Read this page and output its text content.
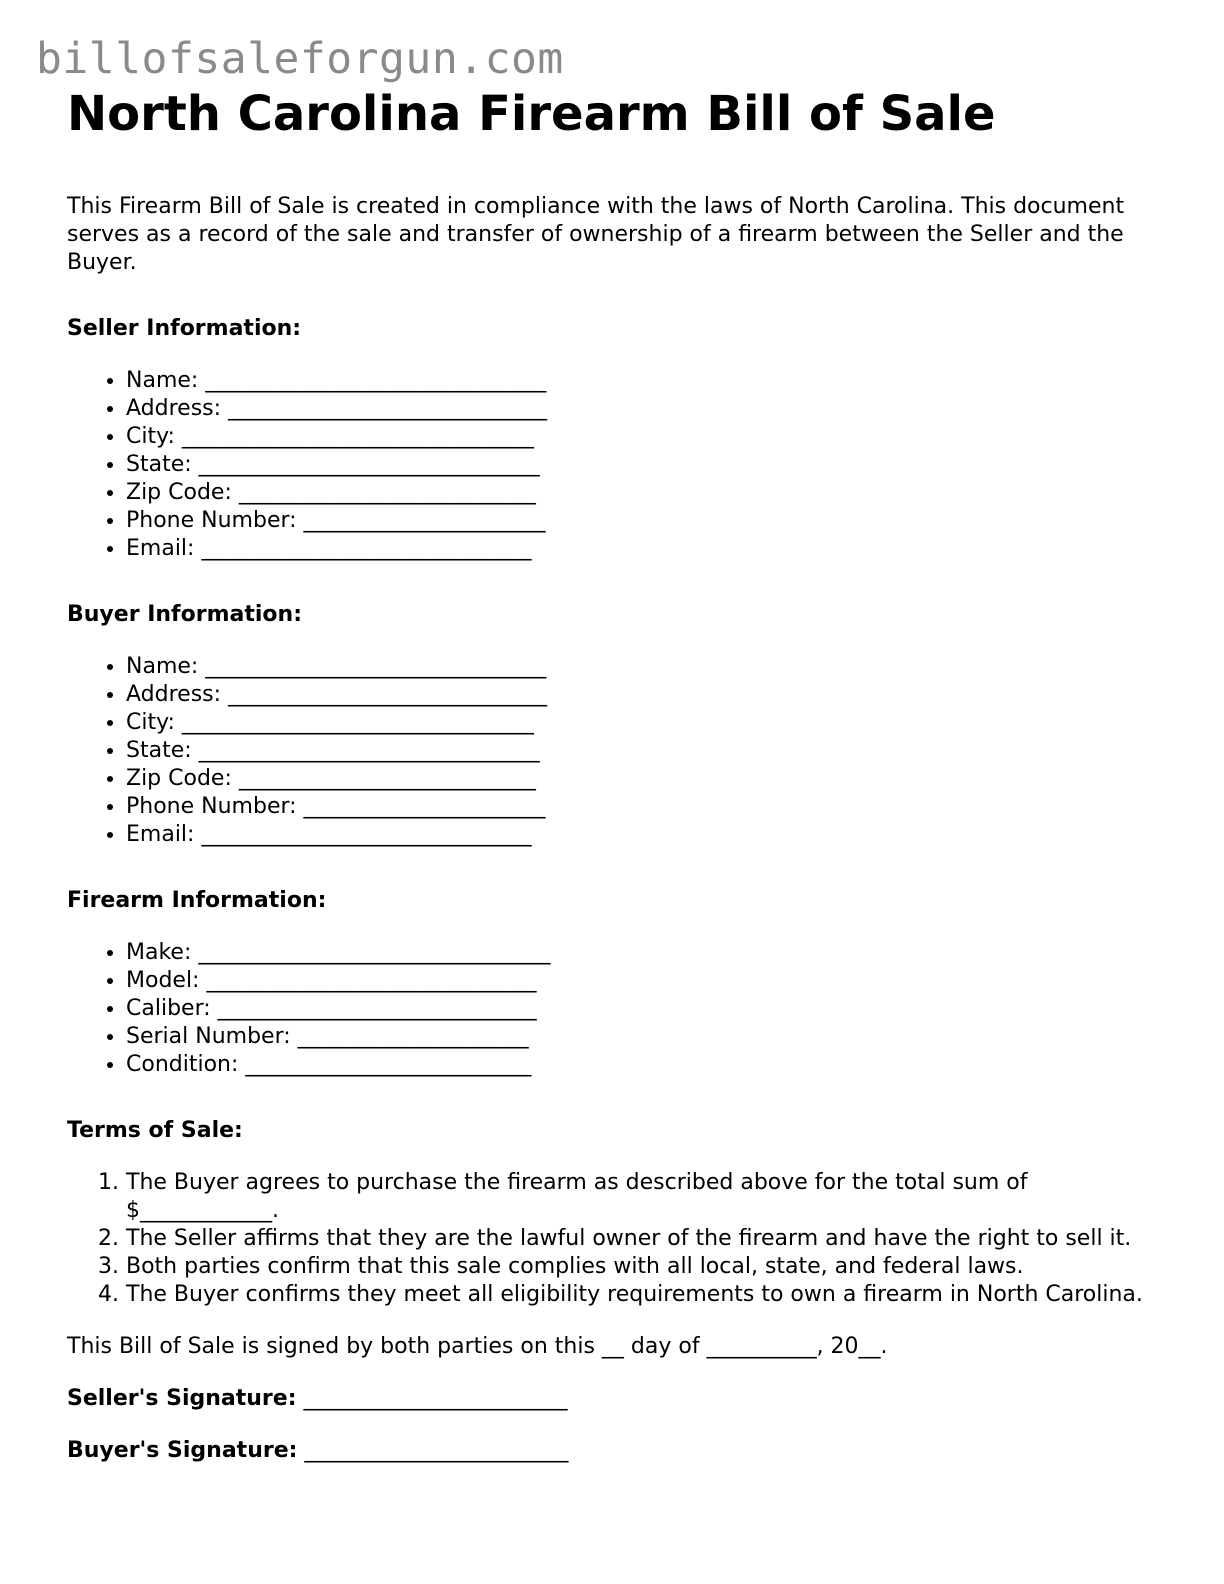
billofsaleforgun.com
North Carolina Firearm Bill of Sale

This Firearm Bill of Sale is created in compliance with the laws of North Carolina. This document serves as a record of the sale and transfer of ownership of a firearm between the Seller and the Buyer.

Seller Information:
• Name: _______________________________
• Address: _____________________________
• City: ________________________________
• State: _______________________________
• Zip Code: ___________________________
• Phone Number: ______________________
• Email: ______________________________
Buyer Information:
• Name: _______________________________
• Address: _____________________________
• City: ________________________________
• State: _______________________________
• Zip Code: ___________________________
• Phone Number: ______________________
• Email: ______________________________
Firearm Information:
• Make: ________________________________
• Model: ______________________________
• Caliber: _____________________________
• Serial Number: _____________________
• Condition: __________________________
Terms of Sale:
1. The Buyer agrees to purchase the firearm as described above for the total sum of $____________.
2. The Seller affirms that they are the lawful owner of the firearm and have the right to sell it.
3. Both parties confirm that this sale complies with all local, state, and federal laws.
4. The Buyer confirms they meet all eligibility requirements to own a firearm in North Carolina.

This Bill of Sale is signed by both parties on this __ day of __________, 20__.

Seller's Signature: ________________________

Buyer's Signature: ________________________
